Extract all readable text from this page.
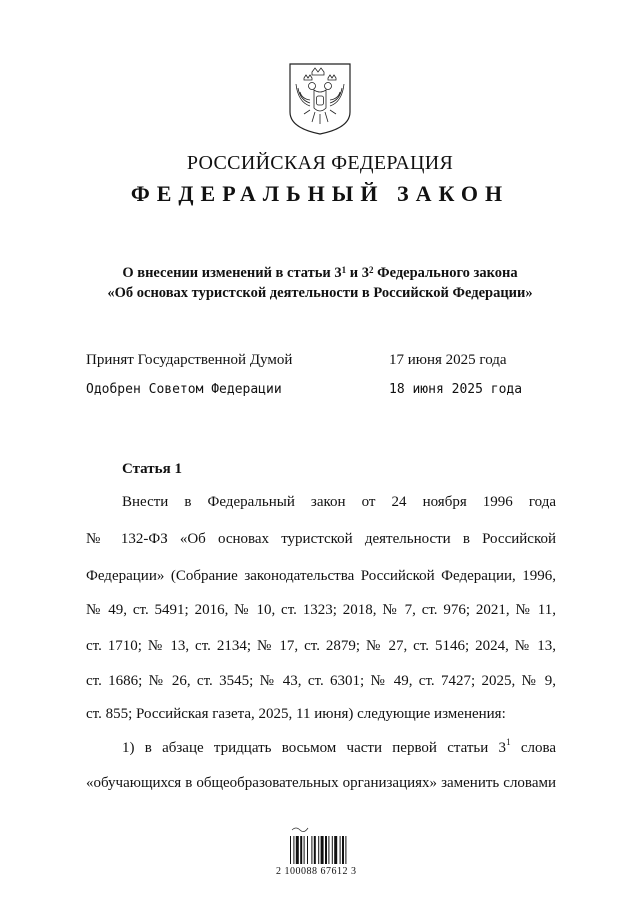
РОССИЙСКАЯ ФЕДЕРАЦИЯ
ФЕДЕРАЛЬНЫЙ ЗАКОН
О внесении изменений в статьи $3^1$ и $3^2$ Федерального закона
«Об основах туристской деятельности в Российской Федерации»
Принят Государственной Думой	17 июня 2025 года
Одобрен Советом Федерации	18 июня 2025 года
Статья 1
Внести в Федеральный закон от 24 ноября 1996 года
№ 132-ФЗ «Об основах туристской деятельности в Российской
Федерации» (Собрание законодательства Российской Федерации, 1996,
№ 49, ст. 5491; 2016, № 10, ст. 1323; 2018, № 7, ст. 976; 2021, № 11,
ст. 1710; № 13, ст. 2134; № 17, ст. 2879; № 27, ст. 5146; 2024, № 13,
ст. 1686; № 26, ст. 3545; № 43, ст. 6301; № 49, ст. 7427; 2025, № 9,
ст. 855; Российская газета, 2025, 11 июня) следующие изменения:
1) в абзаце тридцать восьмом части первой статьи $3^1$ слова
«обучающихся в общеобразовательных организациях» заменить словами
2 100088 67612 3
